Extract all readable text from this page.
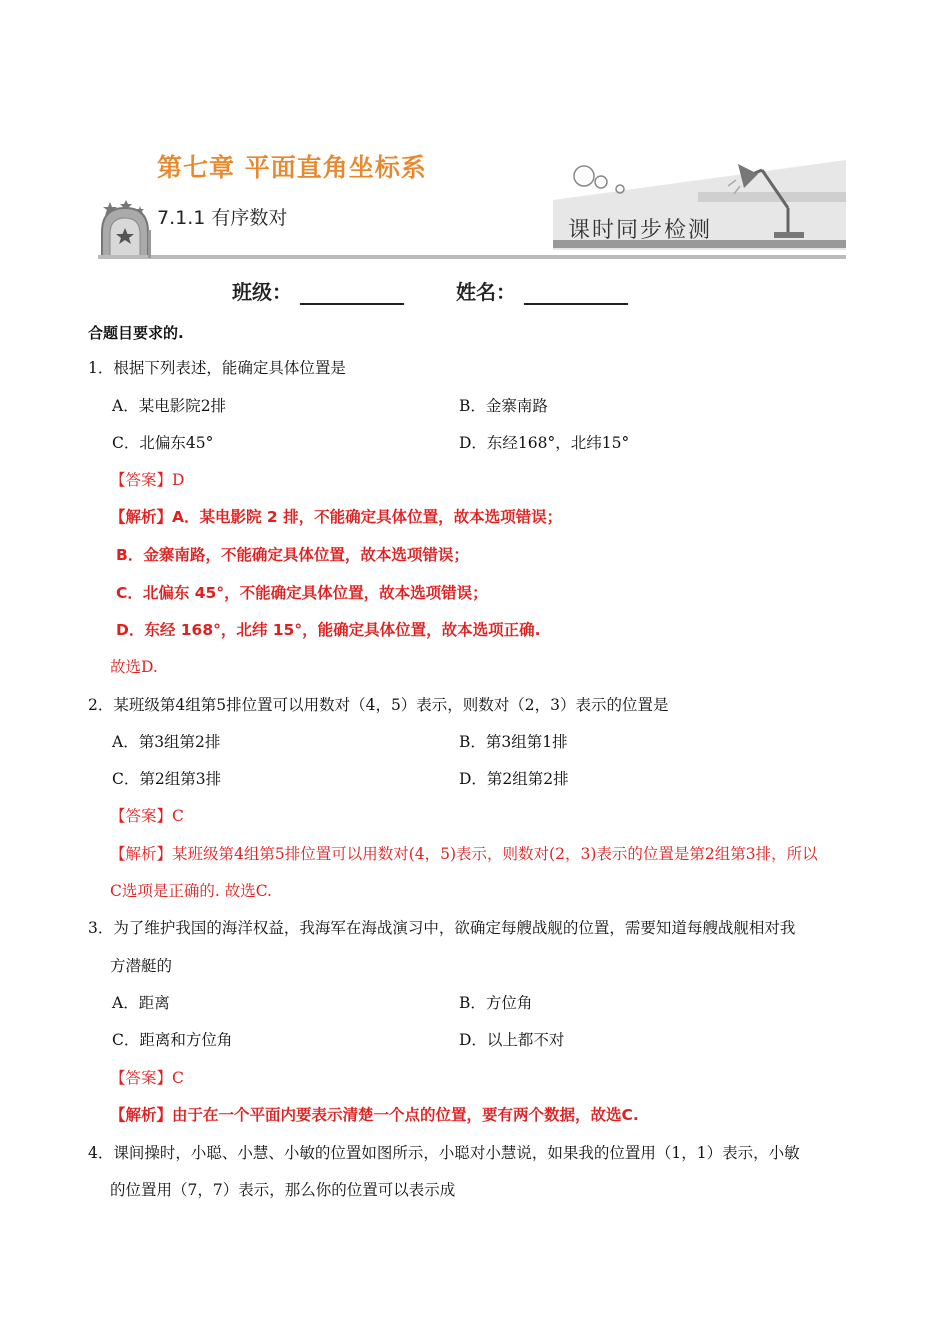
第七章 平面直角坐标系
7.1.1 有序数对	课时同步检测
班级：	姓名：
合题目要求的.
1．根据下列表述，能确定具体位置是
A．某电影院2排	B．金寨南路
C．北偏东45°	D．东经168°，北纬15°
【答案】D
【解析】A．某电影院 2 排，不能确定具体位置，故本选项错误；
B．金寨南路，不能确定具体位置，故本选项错误；
C．北偏东 45°，不能确定具体位置，故本选项错误；
D．东经 168°，北纬 15°，能确定具体位置，故本选项正确.
故选D.
2．某班级第4组第5排位置可以用数对（4，5）表示，则数对（2，3）表示的位置是
A．第3组第2排	B．第3组第1排
C．第2组第3排	D．第2组第2排
【答案】C
【解析】某班级第4组第5排位置可以用数对(4，5)表示，则数对(2，3)表示的位置是第2组第3排，所以
C选项是正确的. 故选C.
3．为了维护我国的海洋权益，我海军在海战演习中，欲确定每艘战舰的位置，需要知道每艘战舰相对我
方潜艇的
A．距离	B．方位角
C．距离和方位角	D．以上都不对
【答案】C
【解析】由于在一个平面内要表示清楚一个点的位置，要有两个数据，故选C.
4．课间操时，小聪、小慧、小敏的位置如图所示，小聪对小慧说，如果我的位置用（1，1）表示，小敏
的位置用（7，7）表示，那么你的位置可以表示成
